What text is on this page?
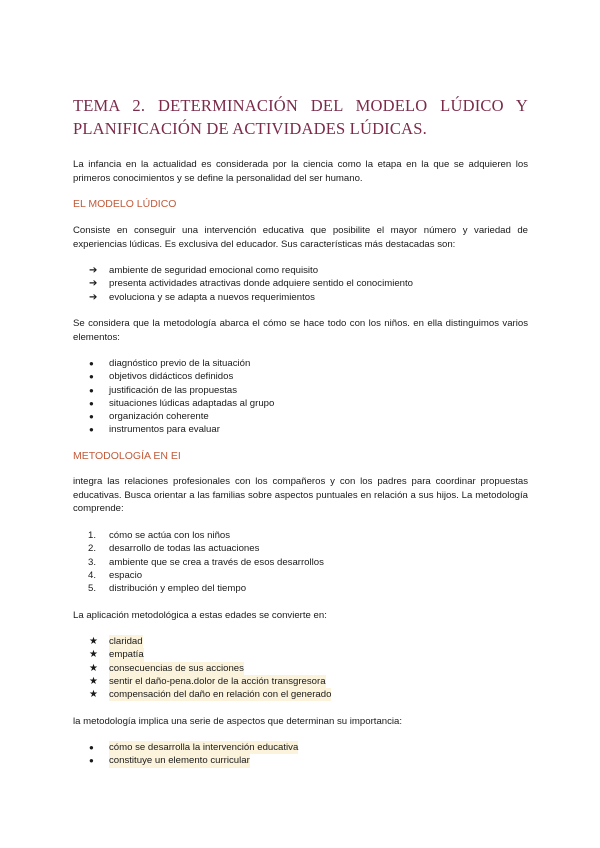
TEMA 2. DETERMINACIÓN DEL MODELO LÚDICO Y PLANIFICACIÓN DE ACTIVIDADES LÚDICAS.
La infancia en la actualidad es considerada por la ciencia como la etapa en la que se adquieren los primeros conocimientos y se define la personalidad del ser humano.
EL MODELO LÚDICO
Consiste en conseguir una intervención educativa que posibilite el mayor número y variedad de experiencias lúdicas. Es exclusiva del educador. Sus características más destacadas son:
➔	ambiente de seguridad emocional como requisito
➔	presenta actividades atractivas donde adquiere sentido el conocimiento
➔	evoluciona y se adapta a nuevos requerimientos
Se considera que la metodología abarca el cómo se hace todo con los niños. en ella distinguimos varios elementos:
●	diagnóstico previo de la situación
●	objetivos didácticos definidos
●	justificación de las propuestas
●	situaciones lúdicas adaptadas al grupo
●	organización coherente
●	instrumentos para evaluar
METODOLOGÍA EN EI
integra las relaciones profesionales con los compañeros y con los padres para coordinar propuestas educativas. Busca orientar a las familias sobre aspectos puntuales en relación a sus hijos. La metodología comprende:
1.	cómo se actúa con los niños
2.	desarrollo de todas las actuaciones
3.	ambiente que se crea a través de esos desarrollos
4.	espacio
5.	distribución y empleo del tiempo
La aplicación metodológica a estas edades se convierte en:
★	claridad
★	empatía
★	consecuencias de sus acciones
★	sentir el daño-pena.dolor de la acción transgresora
★	compensación del daño en relación con el generado
la metodología implica una serie de aspectos que determinan su importancia:
●	cómo se desarrolla la intervención educativa
●	constituye un elemento curricular
